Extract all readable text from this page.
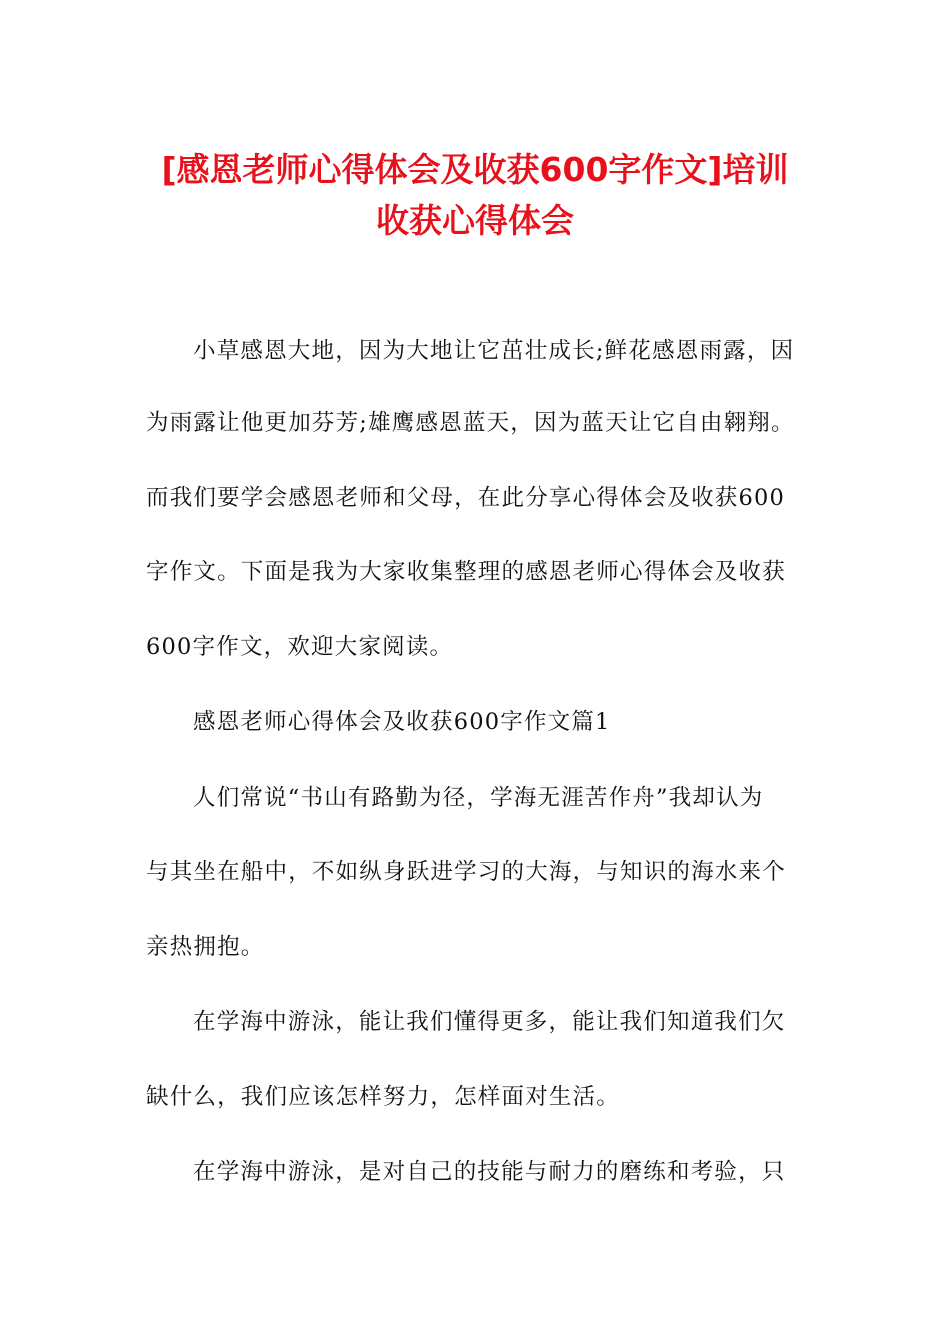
[感恩老师心得体会及收获600字作文]培训
收获心得体会
小草感恩大地，因为大地让它茁壮成长;鲜花感恩雨露，因
为雨露让他更加芬芳;雄鹰感恩蓝天，因为蓝天让它自由翱翔。
而我们要学会感恩老师和父母，在此分享心得体会及收获600
字作文。下面是我为大家收集整理的感恩老师心得体会及收获
600字作文，欢迎大家阅读。
感恩老师心得体会及收获600字作文篇1
人们常说“书山有路勤为径，学海无涯苦作舟”我却认为
与其坐在船中，不如纵身跃进学习的大海，与知识的海水来个
亲热拥抱。
在学海中游泳，能让我们懂得更多，能让我们知道我们欠
缺什么，我们应该怎样努力，怎样面对生活。
在学海中游泳，是对自己的技能与耐力的磨练和考验，只
